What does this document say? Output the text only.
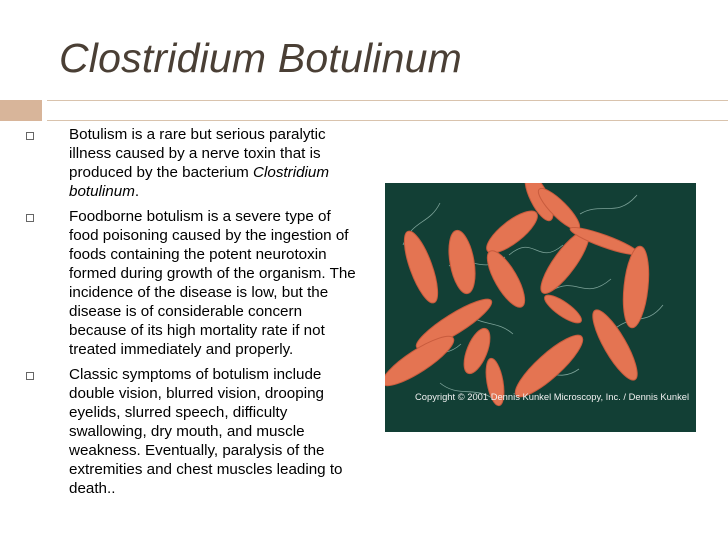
Clostridium Botulinum

Botulism is a rare but serious paralytic illness caused by a nerve toxin that is produced by the bacterium Clostridium botulinum.

Foodborne botulism is a severe type of food poisoning caused by the ingestion of foods containing the potent neurotoxin formed during growth of the organism. The incidence of the disease is low, but the disease is of considerable concern because of its high mortality rate if not treated immediately and properly.

Classic symptoms of botulism include double vision, blurred vision, drooping eyelids, slurred speech, difficulty swallowing, dry mouth, and muscle weakness. Eventually, paralysis of the extremities and chest muscles leading to death..

Copyright © 2001 Dennis Kunkel Microscopy, Inc. / Dennis Kunkel
